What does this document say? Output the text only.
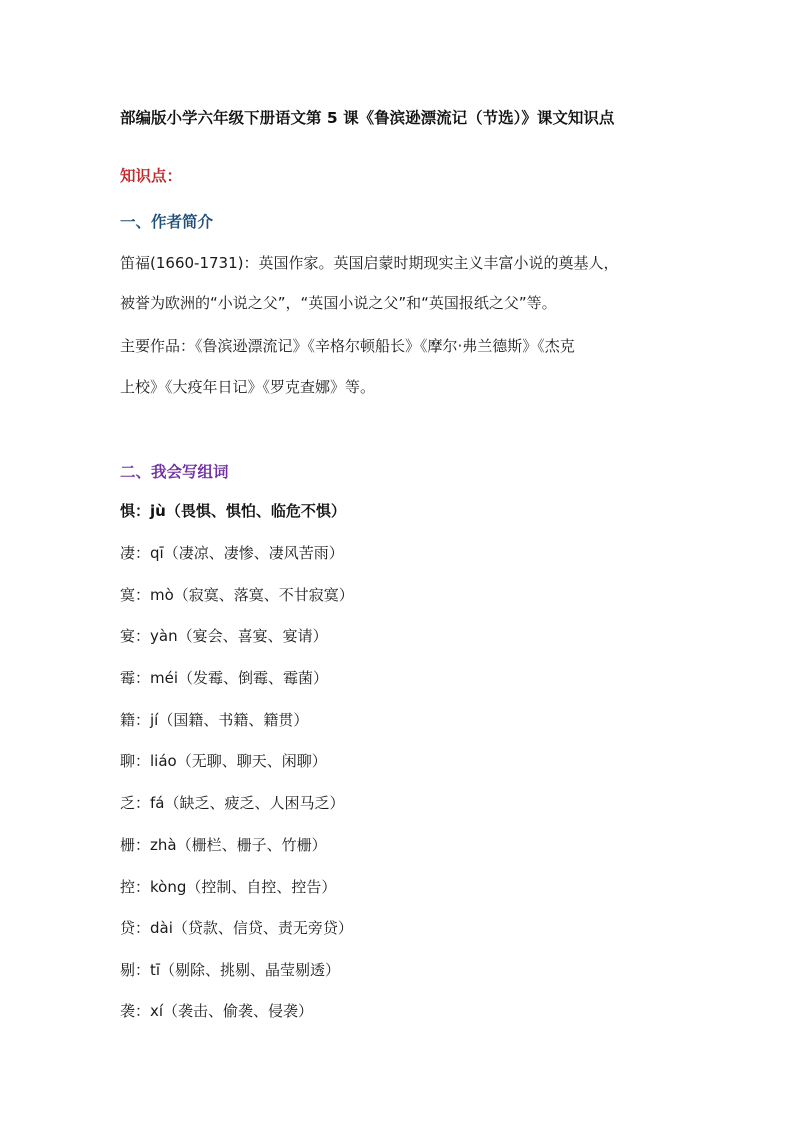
部编版小学六年级下册语文第 5 课《鲁滨逊漂流记（节选）》课文知识点
知识点：
一、作者简介
笛福(1660-1731)：英国作家。英国启蒙时期现实主义丰富小说的奠基人，
被誉为欧洲的“小说之父”，“英国小说之父”和“英国报纸之父”等。
主要作品：《鲁滨逊漂流记》《辛格尔顿船长》《摩尔·弗兰德斯》《杰克
上校》《大疫年日记》《罗克查娜》等。
二、我会写组词
惧：jù（畏惧、惧怕、临危不惧）
凄：qī（凄凉、凄惨、凄风苦雨）
寞：mò（寂寞、落寞、不甘寂寞）
宴：yàn（宴会、喜宴、宴请）
霉：méi（发霉、倒霉、霉菌）
籍：jí（国籍、书籍、籍贯）
聊：liáo（无聊、聊天、闲聊）
乏：fá（缺乏、疲乏、人困马乏）
栅：zhà（栅栏、栅子、竹栅）
控：kòng（控制、自控、控告）
贷：dài（贷款、信贷、责无旁贷）
剔：tī（剔除、挑剔、晶莹剔透）
袭：xí（袭击、偷袭、侵袭）
